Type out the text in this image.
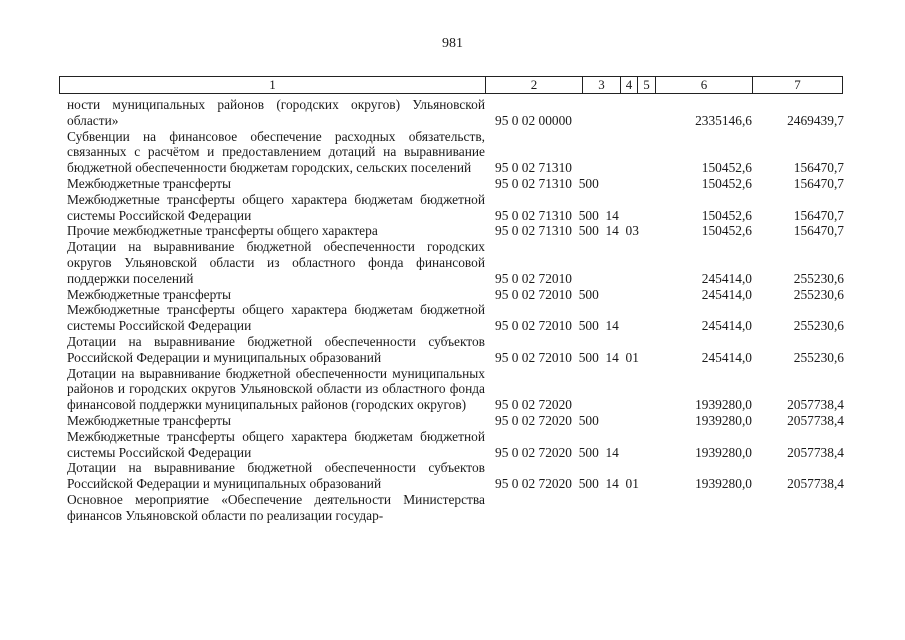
981
1	2	3	4 5	6	7
ности муниципальных районов (городских округов) Ульяновской области»	95 0 02 00000	2335146,6	2469439,7
Субвенции на финансовое обеспечение расходных обязательств, связанных с расчётом и предоставлением дотаций на выравнивание бюджетной обеспеченности бюджетам городских, сельских поселений	95 0 02 71310	150452,6	156470,7
Межбюджетные трансферты	95 0 02 71310  500	150452,6	156470,7
Межбюджетные трансферты общего характера бюджетам бюджетной системы Российской Федерации	95 0 02 71310  500  14	150452,6	156470,7
Прочие межбюджетные трансферты общего характера	95 0 02 71310  500  14  03	150452,6	156470,7
Дотации на выравнивание бюджетной обеспеченности городских округов Ульяновской области из областного фонда финансовой поддержки поселений	95 0 02 72010	245414,0	255230,6
Межбюджетные трансферты	95 0 02 72010  500	245414,0	255230,6
Межбюджетные трансферты общего характера бюджетам бюджетной системы Российской Федерации	95 0 02 72010  500  14	245414,0	255230,6
Дотации на выравнивание бюджетной обеспеченности субъектов Российской Федерации и муниципальных образований	95 0 02 72010  500  14  01	245414,0	255230,6
Дотации на выравнивание бюджетной обеспеченности муниципальных районов и городских округов Ульяновской области из областного фонда финансовой поддержки муниципальных районов (городских округов)	95 0 02 72020	1939280,0	2057738,4
Межбюджетные трансферты	95 0 02 72020  500	1939280,0	2057738,4
Межбюджетные трансферты общего характера бюджетам бюджетной системы Российской Федерации	95 0 02 72020  500  14	1939280,0	2057738,4
Дотации на выравнивание бюджетной обеспеченности субъектов Российской Федерации и муниципальных образований	95 0 02 72020  500  14  01	1939280,0	2057738,4
Основное мероприятие «Обеспечение деятельности Министерства финансов Ульяновской области по реализации государ-
